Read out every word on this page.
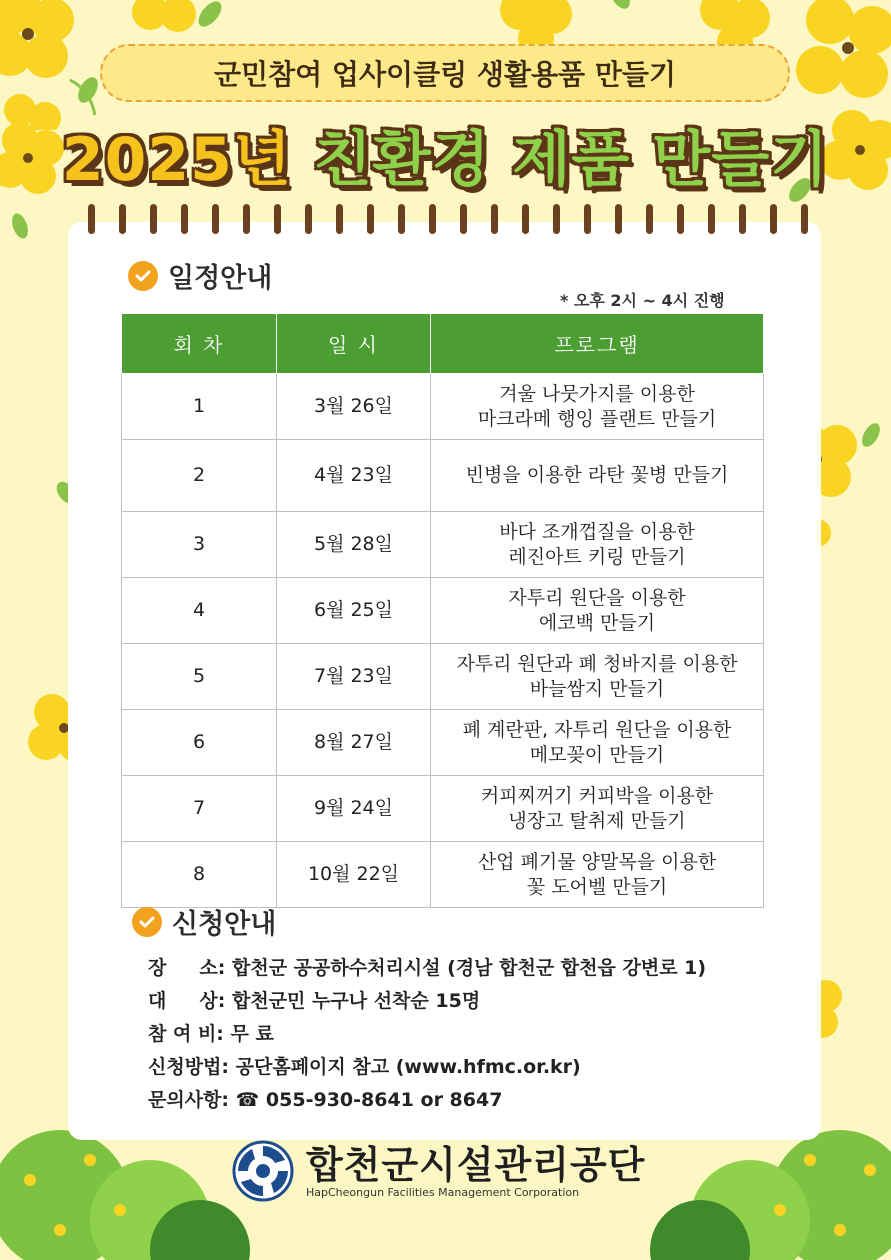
군민참여 업사이클링 생활용품 만들기
2025년 친환경 제품 만들기
일정안내
* 오후 2시 ~ 4시 진행
회 차	일 시	프로그램
1	3월 26일	겨울 나뭇가지를 이용한
마크라메 행잉 플랜트 만들기

2	4월 23일	빈병을 이용한 라탄 꽃병 만들기

3	5월 28일	바다 조개껍질을 이용한
레진아트 키링 만들기

4	6월 25일	자투리 원단을 이용한
에코백 만들기

5	7월 23일	자투리 원단과 폐 청바지를 이용한
바늘쌈지 만들기

6	8월 27일	폐 계란판, 자투리 원단을 이용한
메모꽂이 만들기

7	9월 24일	커피찌꺼기 커피박을 이용한
냉장고 탈취제 만들기

8	10월 22일	산업 폐기물 양말목을 이용한
꽃 도어벨 만들기
신청안내
장     소: 합천군 공공하수처리시설 (경남 합천군 합천읍 강변로 1)
대     상: 합천군민 누구나 선착순 15명
참 여 비: 무 료
신청방법: 공단홈페이지 참고 (www.hfmc.or.kr)
문의사항: ☎ 055-930-8641 or 8647
합천군시설관리공단
HapCheongun Facilities Management Corporation
